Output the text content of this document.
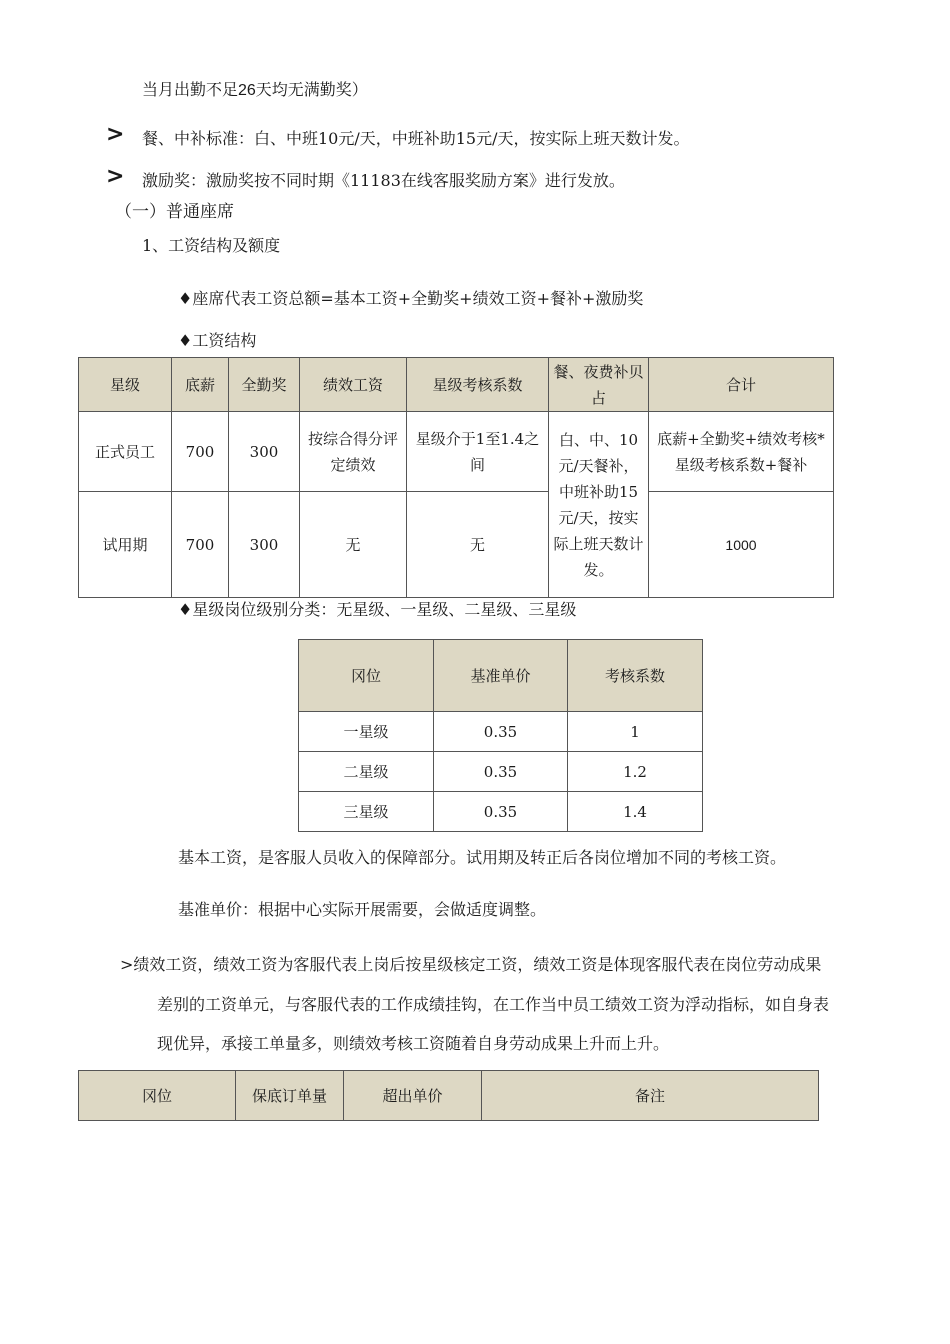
当月出勤不足26天均无满勤奖）
> 餐、中补标准：白、中班10元/天，中班补助15元/天，按实际上班天数计发。
> 激励奖：激励奖按不同时期《11183在线客服奖励方案》进行发放。
（一）普通座席
1、工资结构及额度
♦座席代表工资总额=基本工资+全勤奖+绩效工资+餐补+激励奖
♦工资结构
星级	底薪	全勤奖	绩效工资	星级考核系数	餐、夜费补贝占	合计
正式员工	700	300	按综合得分评定绩效	星级介于1至1.4之间	白、中、10元/天餐补，中班补助15元/天，按实际上班天数计发。	底薪+全勤奖+绩效考核*星级考核系数+餐补
试用期	700	300	无	无		1000
♦星级岗位级别分类：无星级、一星级、二星级、三星级
冈位	基准单价	考核系数
一星级	0.35	1
二星级	0.35	1.2
三星级	0.35	1.4
基本工资，是客服人员收入的保障部分。试用期及转正后各岗位增加不同的考核工资。
基准单价：根据中心实际开展需要，会做适度调整。
>绩效工资，绩效工资为客服代表上岗后按星级核定工资，绩效工资是体现客服代表在岗位劳动成果
差别的工资单元，与客服代表的工作成绩挂钩，在工作当中员工绩效工资为浮动指标，如自身表
现优异，承接工单量多，则绩效考核工资随着自身劳动成果上升而上升。
冈位	保底订单量	超出单价	备注
